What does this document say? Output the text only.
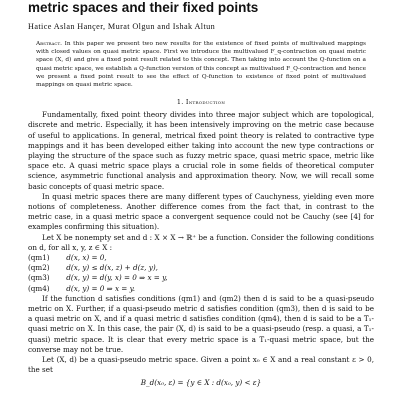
metric spaces and their fixed points
Hatice Aslan Hançer, Murat Olgun and Ishak Altun
Abstract. In this paper we present two new results for the existence of fixed points of multivalued mappings with closed values on quasi metric space. First we introduce the multivalued F_q-contraction on quasi metric space (X, d) and give a fixed point result related to this concept. Then taking into account the Q-function on a quasi metric space, we establish a Q-function version of this concept as multivalued F_Q-contraction and hence we present a fixed point result to see the effect of Q-function to existence of fixed point of multivalued mappings on quasi metric space.
1. Introduction

Fundamentally, fixed point theory divides into three major subject which are topological, discrete and metric. Especially, it has been intensively improving on the metric case because of useful to applications. In general, metrical fixed point theory is related to contractive type mappings and it has been developed either taking into account the new type contractions or playing the structure of the space such as fuzzy metric space, quasi metric space, metric like space etc. A quasi metric space plays a crucial role in some fields of theoretical computer science, asymmetric functional analysis and approximation theory. Now, we will recall some basic concepts of quasi metric space.

In quasi metric spaces there are many different types of Cauchyness, yielding even more notions of completeness. Another difference comes from the fact that, in contrast to the metric case, in a quasi metric space a convergent sequence could not be Cauchy (see [4] for examples confirming this situation).

Let X be nonempty set and d : X × X → ℝ⁺ be a function. Consider the following conditions on d, for all x, y, z ∈ X :

(qm1) d(x, x) = 0,
(qm2) d(x, y) ≤ d(x, z) + d(z, y),
(qm3) d(x, y) = d(y, x) = 0 ⇒ x = y,
(qm4) d(x, y) = 0 ⇒ x = y.

If the function d satisfies conditions (qm1) and (qm2) then d is said to be a quasi-pseudo metric on X. Further, if a quasi-pseudo metric d satisfies condition (qm3), then d is said to be a quasi metric on X, and if a quasi metric d satisfies condition (qm4), then d is said to be a T₁-quasi metric on X. In this case, the pair (X, d) is said to be a quasi-pseudo (resp. a quasi, a T₁-quasi) metric space. It is clear that every metric space is a T₁-quasi metric space, but the converse may not be true.

Let (X, d) be a quasi-pseudo metric space. Given a point x₀ ∈ X and a real constant ε > 0, the set

B_d(x₀, ε) = {y ∈ X : d(x₀, y) < ε}
